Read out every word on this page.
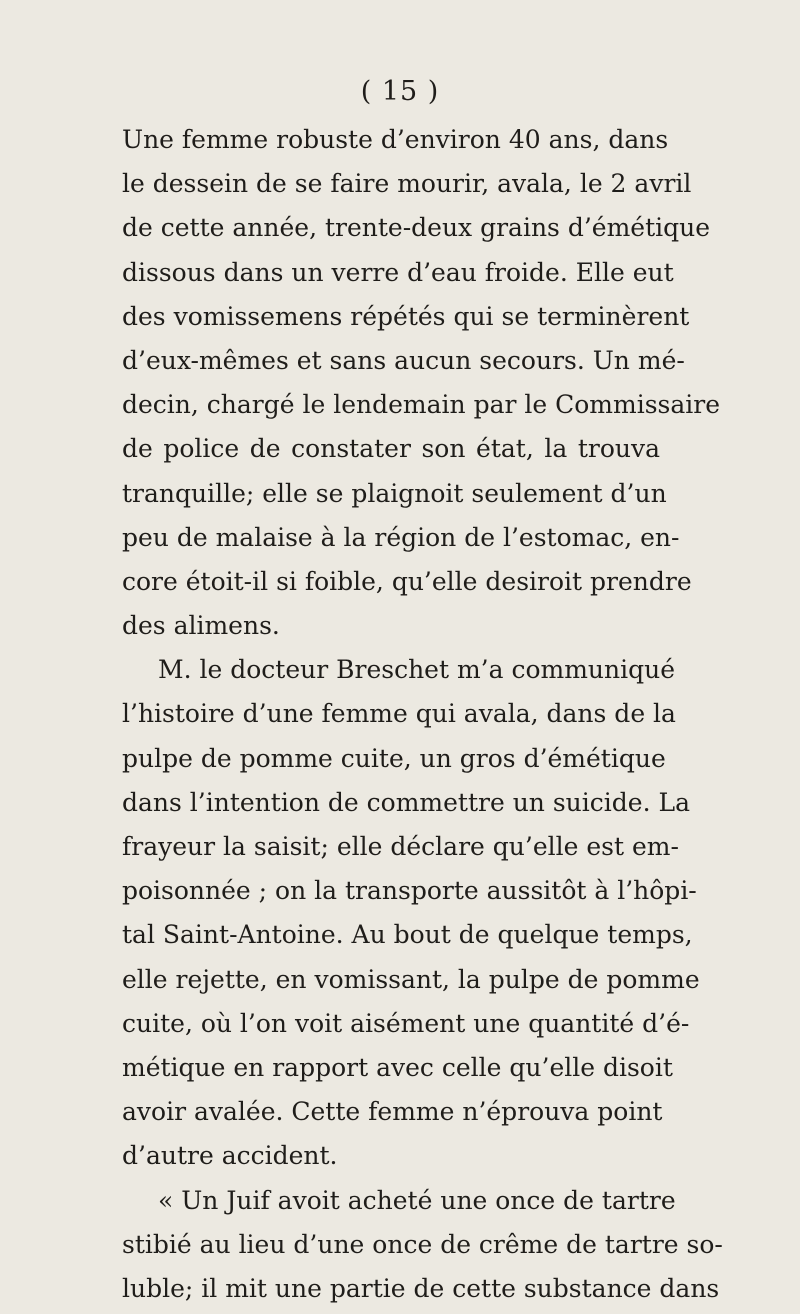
( 15 )
Une femme robuste d’environ 40 ans, dans
le dessein de se faire mourir, avala, le 2 avril
de cette année, trente-deux grains d’émétique
dissous dans un verre d’eau froide. Elle eut
des vomissemens répétés qui se terminèrent
d’eux-mêmes et sans aucun secours. Un mé-
decin, chargé le lendemain par le Commissaire
de police de constater son état, la trouva
tranquille; elle se plaignoit seulement d’un
peu de malaise à la région de l’estomac, en-
core étoit-il si foible, qu’elle desiroit prendre
des alimens.
M. le docteur Breschet m’a communiqué
l’histoire d’une femme qui avala, dans de la
pulpe de pomme cuite, un gros d’émétique
dans l’intention de commettre un suicide. La
frayeur la saisit; elle déclare qu’elle est em-
poisonnée ; on la transporte aussitôt à l’hôpi-
tal Saint-Antoine. Au bout de quelque temps,
elle rejette, en vomissant, la pulpe de pomme
cuite, où l’on voit aisément une quantité d’é-
métique en rapport avec celle qu’elle disoit
avoir avalée. Cette femme n’éprouva point
d’autre accident.
« Un Juif avoit acheté une once de tartre
stibié au lieu d’une once de crême de tartre so-
luble; il mit une partie de cette substance dans
